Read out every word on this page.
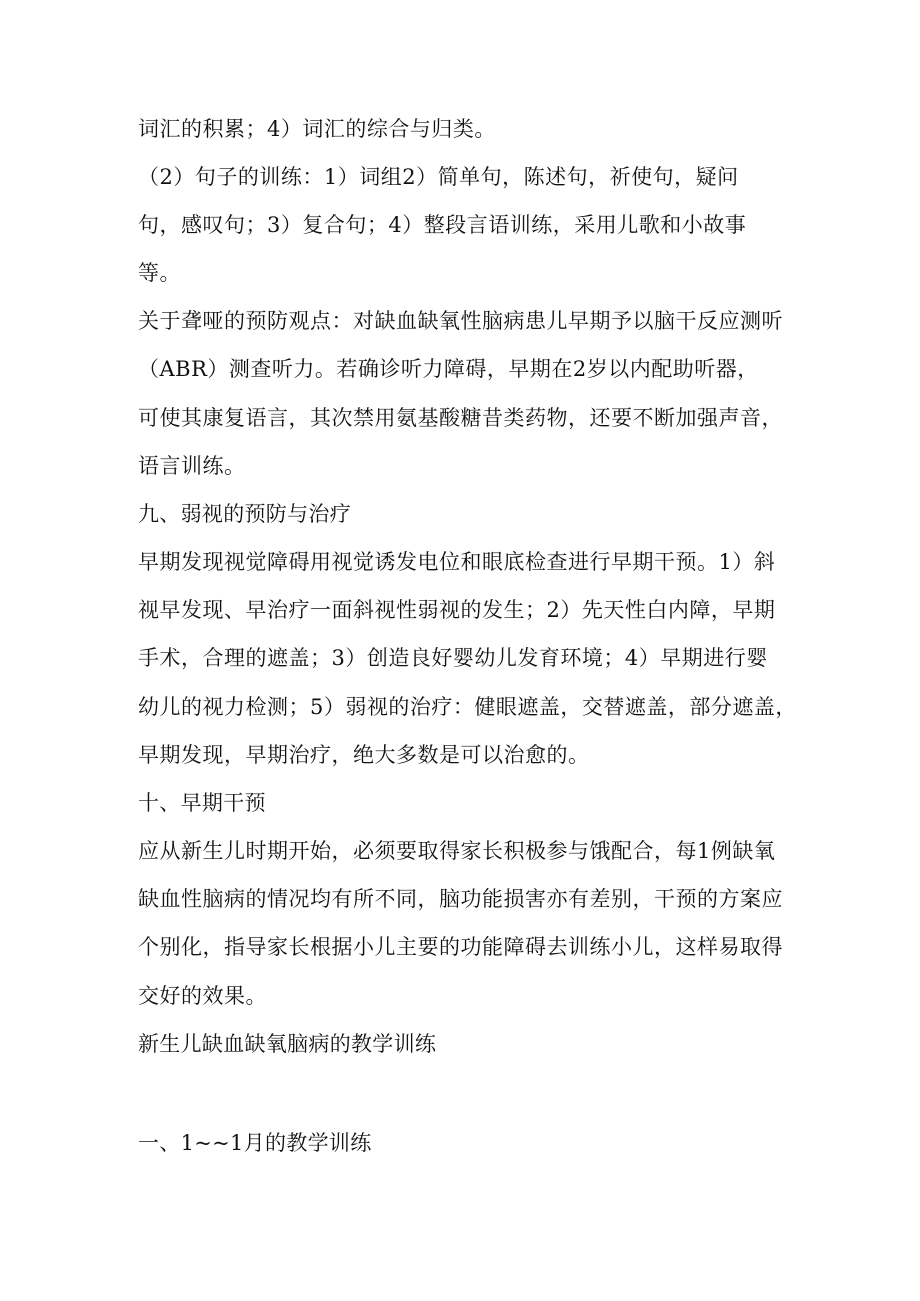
词汇的积累；4）词汇的综合与归类。

（2）句子的训练：1）词组2）简单句，陈述句，祈使句，疑问

句，感叹句；3）复合句；4）整段言语训练，采用儿歌和小故事

等。

关于聋哑的预防观点：对缺血缺氧性脑病患儿早期予以脑干反应测听

（ABR）测查听力。若确诊听力障碍，早期在2岁以内配助听器，

可使其康复语言，其次禁用氨基酸糖昔类药物，还要不断加强声音，

语言训练。

九、弱视的预防与治疗

早期发现视觉障碍用视觉诱发电位和眼底检查进行早期干预。1）斜

视早发现、早治疗一面斜视性弱视的发生；2）先天性白内障，早期

手术，合理的遮盖；3）创造良好婴幼儿发育环境；4）早期进行婴

幼儿的视力检测；5）弱视的治疗：健眼遮盖，交替遮盖，部分遮盖，

早期发现，早期治疗，绝大多数是可以治愈的。

十、早期干预

应从新生儿时期开始，必须要取得家长积极参与饿配合，每1例缺氧

缺血性脑病的情况均有所不同，脑功能损害亦有差别，干预的方案应

个别化，指导家长根据小儿主要的功能障碍去训练小儿，这样易取得

交好的效果。

新生儿缺血缺氧脑病的教学训练

一、1~~1月的教学训练
